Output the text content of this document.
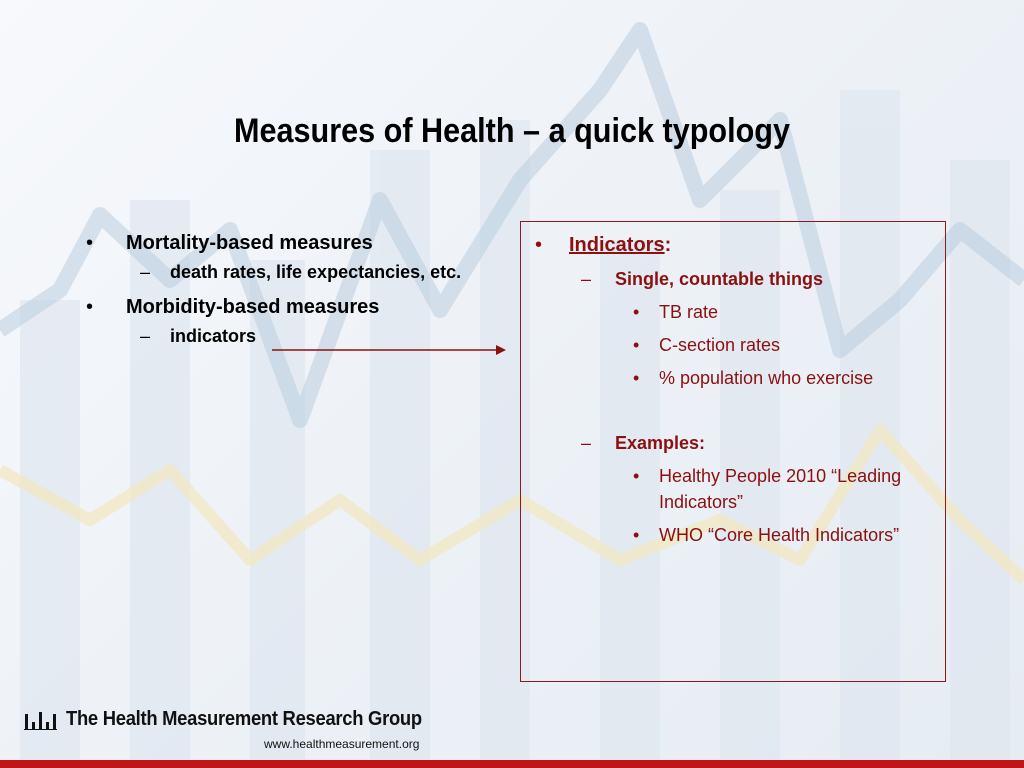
Measures of Health – a quick typology
• Mortality-based measures
– death rates, life expectancies, etc.
• Morbidity-based measures
– indicators
• Indicators:
– Single, countable things
•	TB rate
•	C-section rates
•	% population who exercise
– Examples:
•	Healthy People 2010 “Leading Indicators”
•	WHO “Core Health Indicators”
The Health Measurement Research Group
www.healthmeasurement.org
